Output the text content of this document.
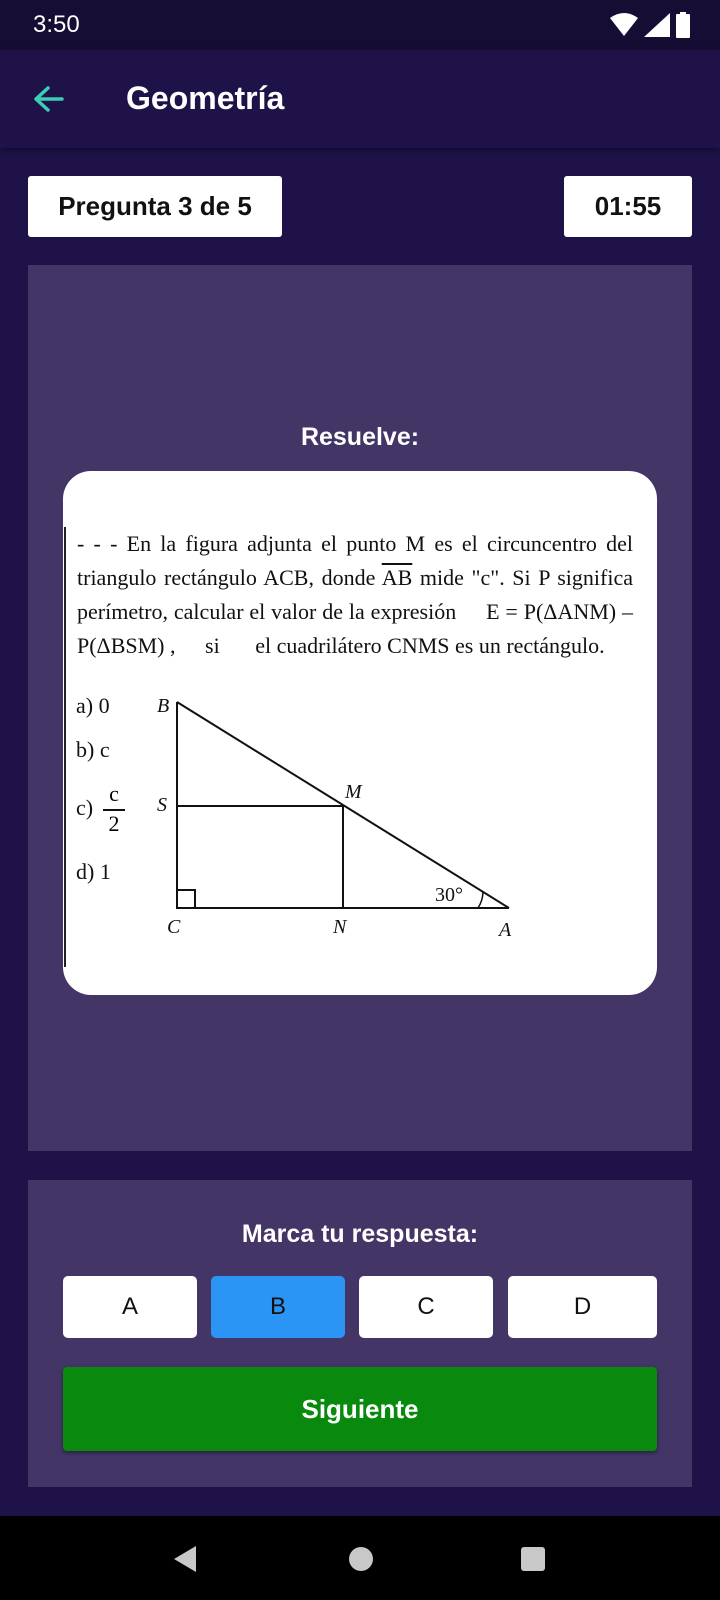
3:50
Geometría
Pregunta 3 de 5	01:55
Resuelve:

- - - En la figura adjunta el punto M es el circuncentro del triangulo rectángulo ACB, donde $\overline{AB}$ mide "c". Si P significa perímetro, calcular el valor de la expresión E = P(ΔANM) – P(ΔBSM) , si el cuadrilátero CNMS es un rectángulo.

a) 0
b) c
c)
c
2
d) 1
B
S
M
C	N	A
30°
Marca tu respuesta:
A	B	C	D
Siguiente
